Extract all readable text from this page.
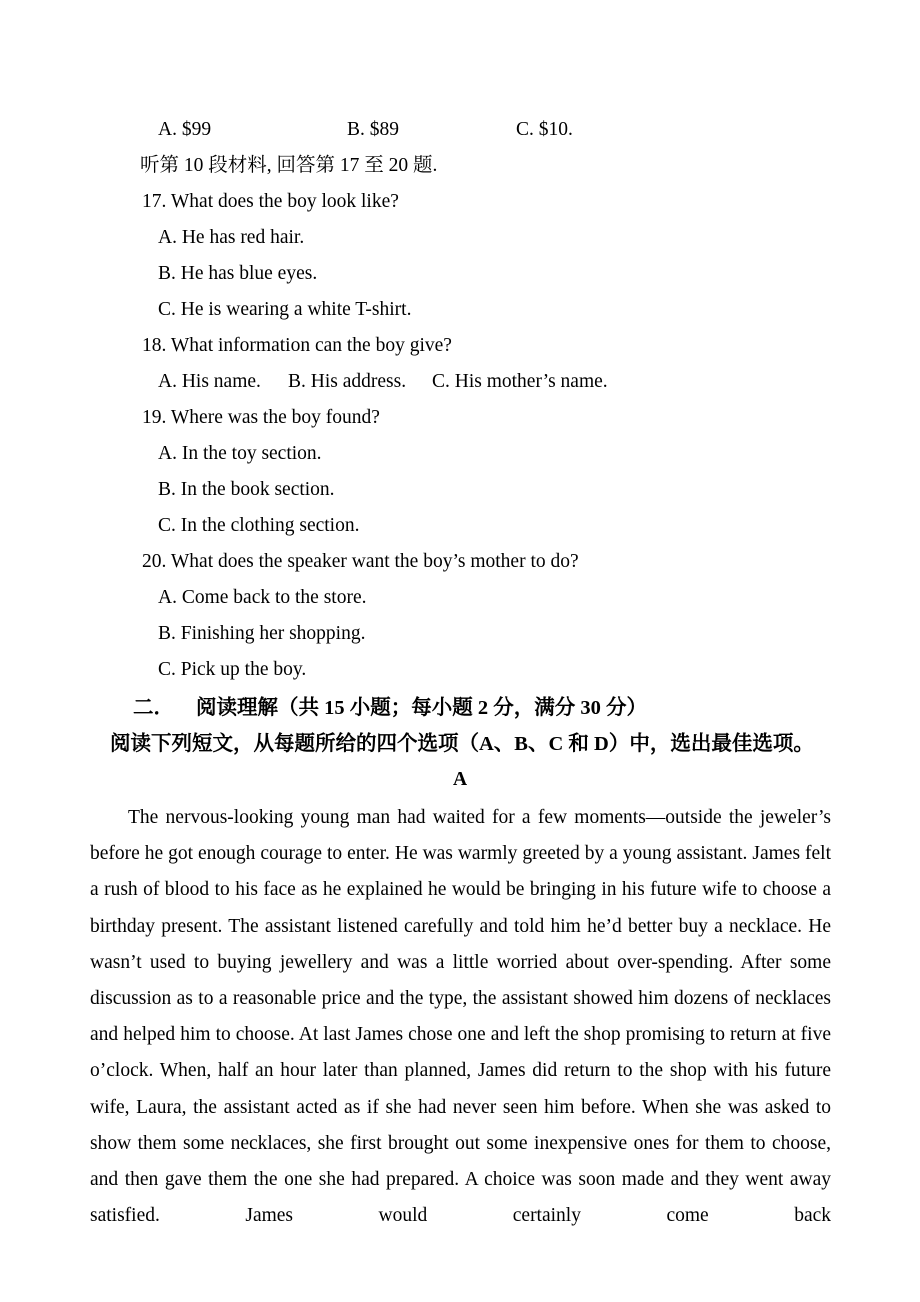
A. $99	B. $89	C. $10.
听第 10 段材料, 回答第 17 至 20 题.
17. What does the boy look like?
A. He has red hair.
B. He has blue eyes.
C. He is wearing a white T-shirt.
18. What information can the boy give?
A. His name. B. His address. C. His mother’s name.
19. Where was the boy found?
A. In the toy section.
B. In the book section.
C. In the clothing section.
20. What does the speaker want the boy’s mother to do?
A. Come back to the store.
B. Finishing her shopping.
C. Pick up the boy.
二． 阅读理解（共 15 小题；每小题 2 分，满分 30 分）
阅读下列短文，从每题所给的四个选项（A、B、C 和 D）中，选出最佳选项。
A
The nervous-looking young man had waited for a few moments—outside the jeweler’s before he got enough courage to enter. He was warmly greeted by a young assistant. James felt a rush of blood to his face as he explained he would be bringing in his future wife to choose a birthday present. The assistant listened carefully and told him he’d better buy a necklace. He wasn’t used to buying jewellery and was a little worried about over-spending. After some discussion as to a reasonable price and the type, the assistant showed him dozens of necklaces and helped him to choose. At last James chose one and left the shop promising to return at five o’clock. When, half an hour later than planned, James did return to the shop with his future wife, Laura, the assistant acted as if she had never seen him before. When she was asked to show them some necklaces, she first brought out some inexpensive ones for them to choose, and then gave them the one she had prepared. A choice was soon made and they went away satisfied. James would certainly come back
